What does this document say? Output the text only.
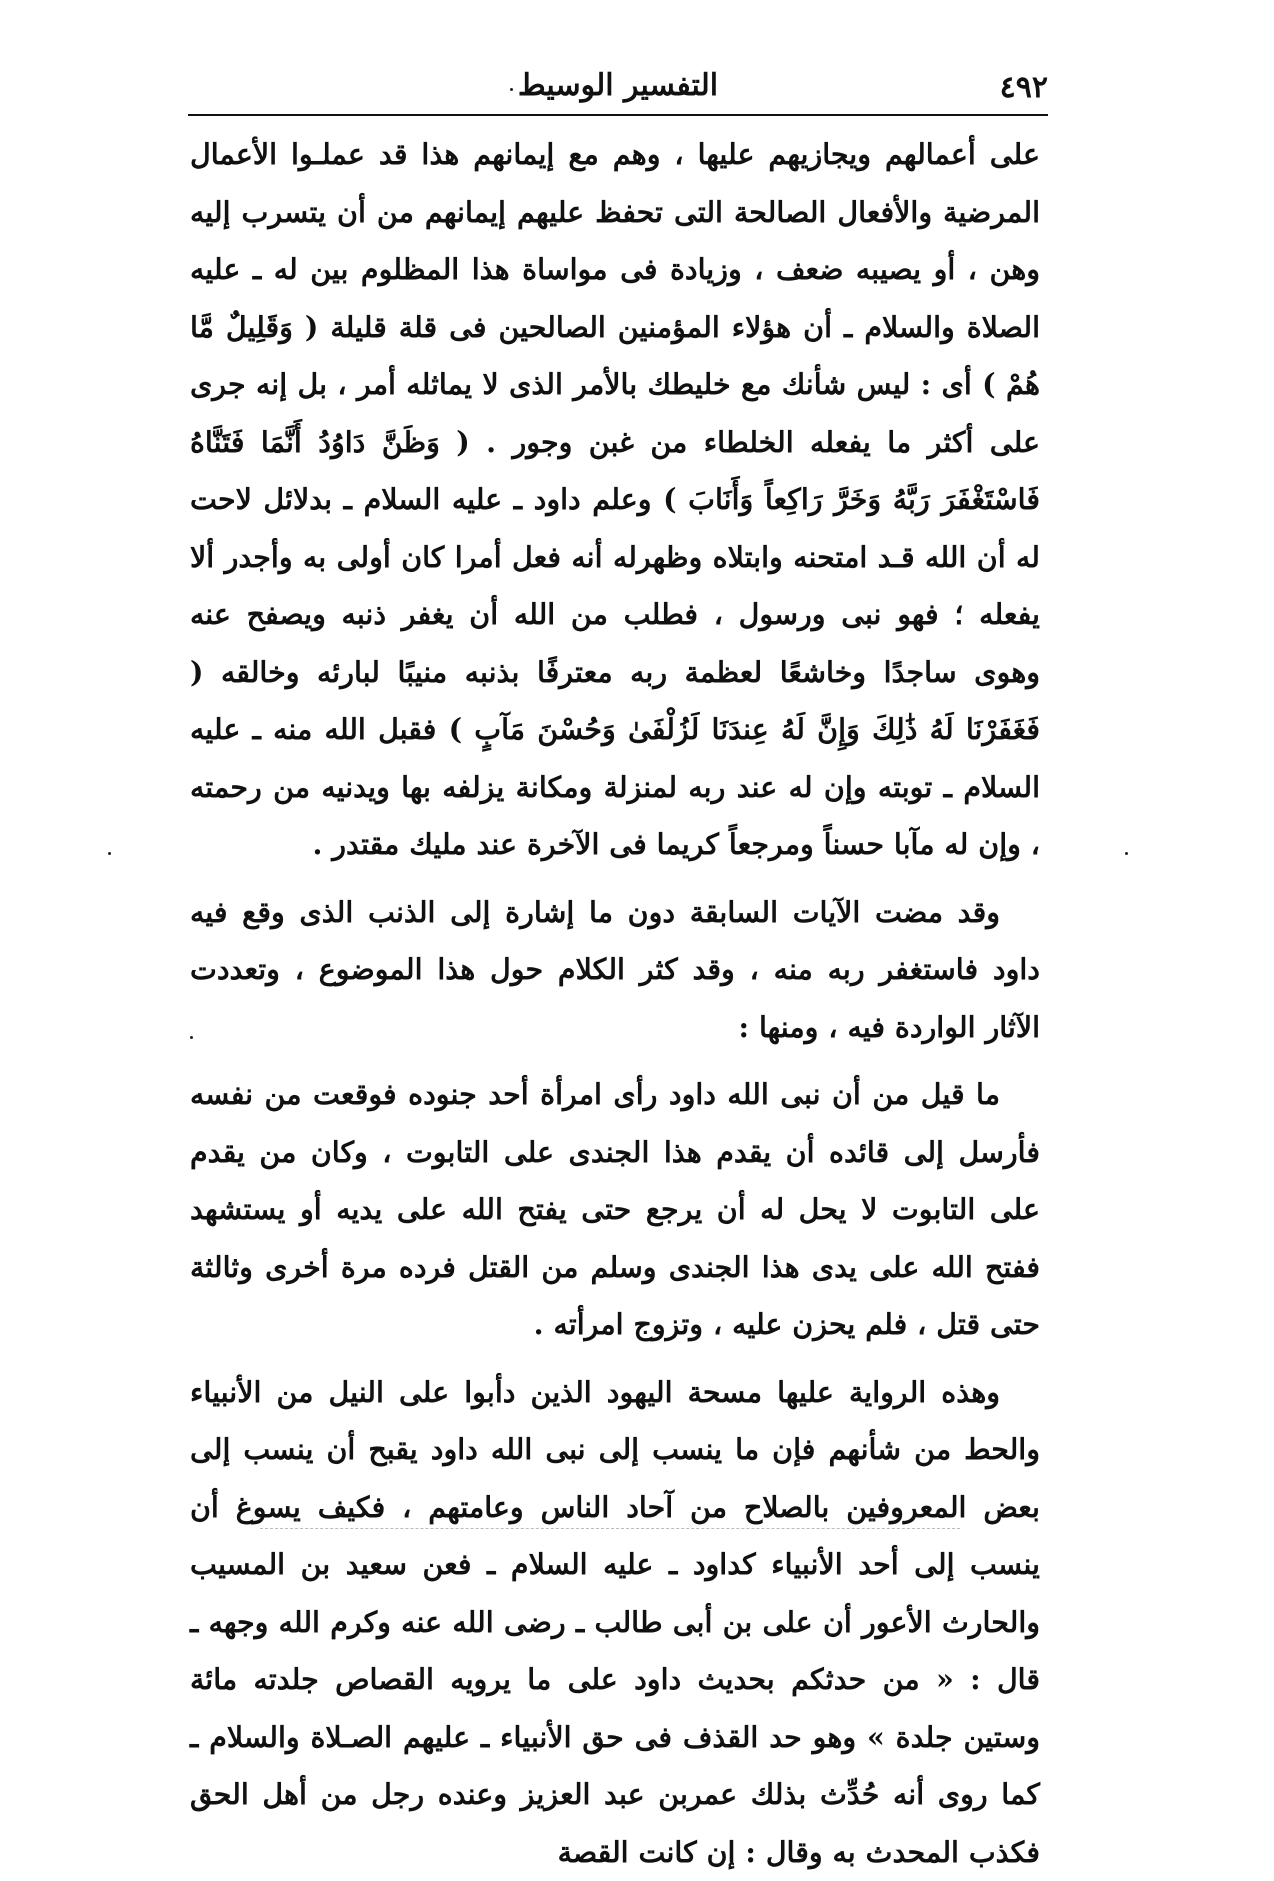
٤٩٢
التفسير الوسيط

على أعمالهم ويجازيهم عليها ، وهم مع إيمانهم هذا قد عملـوا الأعمال المرضية والأفعال الصالحة التى تحفظ عليهم إيمانهم من أن يتسرب إليه وهن ، أو يصيبه ضعف ، وزيادة فى مواساة هذا المظلوم بين له ـ عليه الصلاة والسلام ـ أن هؤلاء المؤمنين الصالحين فى قلة قليلة ( وَقَلِيلٌ مَّا هُمْ ) أى : ليس شأنك مع خليطك بالأمر الذى لا يماثله أمر ، بل إنه جرى على أكثر ما يفعله الخلطاء من غبن وجور . ( وَظَنَّ دَاوُدُ أَنَّمَا فَتَنَّاهُ فَاسْتَغْفَرَ رَبَّهُ وَخَرَّ رَاكِعاً وَأَنَابَ ) وعلم داود ـ عليه السلام ـ بدلائل لاحت له أن الله قـد امتحنه وابتلاه وظهرله أنه فعل أمرا كان أولى به وأجدر ألا يفعله ؛ فهو نبى ورسول ، فطلب من الله أن يغفر ذنبه ويصفح عنه وهوى ساجدًا وخاشعًا لعظمة ربه معترفًا بذنبه منيبًا لبارئه وخالقه ( فَغَفَرْنَا لَهُ ذَٰلِكَ وَإِنَّ لَهُ عِندَنَا لَزُلْفَىٰ وَحُسْنَ مَآبٍ ) فقبل الله منه ـ عليه السلام ـ توبته وإن له عند ربه لمنزلة ومكانة يزلفه بها ويدنيه من رحمته ، وإن له مآبا حسناً ومرجعاً كريما فى الآخرة عند مليك مقتدر .

وقد مضت الآيات السابقة دون ما إشارة إلى الذنب الذى وقع فيه داود فاستغفر ربه منه ، وقد كثر الكلام حول هذا الموضوع ، وتعددت الآثار الواردة فيه ، ومنها :

ما قيل من أن نبى الله داود رأى امرأة أحد جنوده فوقعت من نفسه فأرسل إلى قائده أن يقدم هذا الجندى على التابوت ، وكان من يقدم على التابوت لا يحل له أن يرجع حتى يفتح الله على يديه أو يستشهد ففتح الله على يدى هذا الجندى وسلم من القتل فرده مرة أخرى وثالثة حتى قتل ، فلم يحزن عليه ، وتزوج امرأته .

وهذه الرواية عليها مسحة اليهود الذين دأبوا على النيل من الأنبياء والحط من شأنهم فإن ما ينسب إلى نبى الله داود يقبح أن ينسب إلى بعض المعروفين بالصلاح من آحاد الناس وعامتهم ، فكيف يسوغ أن ينسب إلى أحد الأنبياء كداود ـ عليه السلام ـ فعن سعيد بن المسيب والحارث الأعور أن على بن أبى طالب ـ رضى الله عنه وكرم الله وجهه ـ قال : « من حدثكم بحديث داود على ما يرويه القصاص جلدته مائة وستين جلدة » وهو حد القذف فى حق الأنبياء ـ عليهم الصـلاة والسلام ـ كما روى أنه حُدِّث بذلك عمربن عبد العزيز وعنده رجل من أهل الحق فكذب المحدث به وقال : إن كانت القصة
